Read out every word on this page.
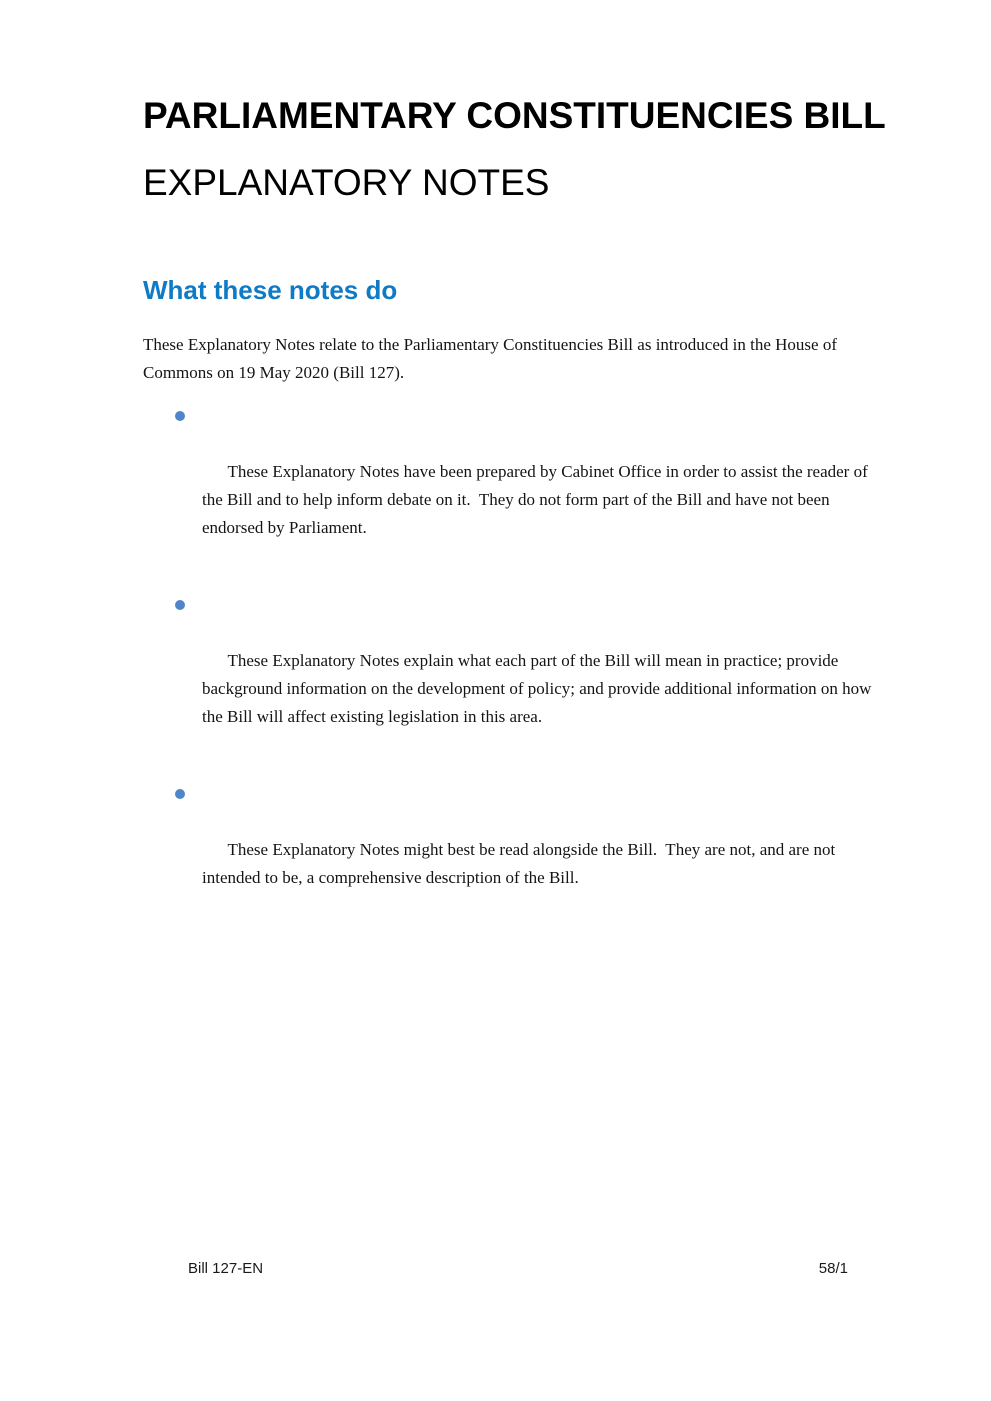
PARLIAMENTARY CONSTITUENCIES BILL
EXPLANATORY NOTES
What these notes do

These Explanatory Notes relate to the Parliamentary Constituencies Bill as introduced in the House of Commons on 19 May 2020 (Bill 127).

These Explanatory Notes have been prepared by Cabinet Office in order to assist the reader of the Bill and to help inform debate on it.  They do not form part of the Bill and have not been endorsed by Parliament.

These Explanatory Notes explain what each part of the Bill will mean in practice; provide background information on the development of policy; and provide additional information on how the Bill will affect existing legislation in this area.

These Explanatory Notes might best be read alongside the Bill.  They are not, and are not intended to be, a comprehensive description of the Bill.

Bill 127-EN	58/1
